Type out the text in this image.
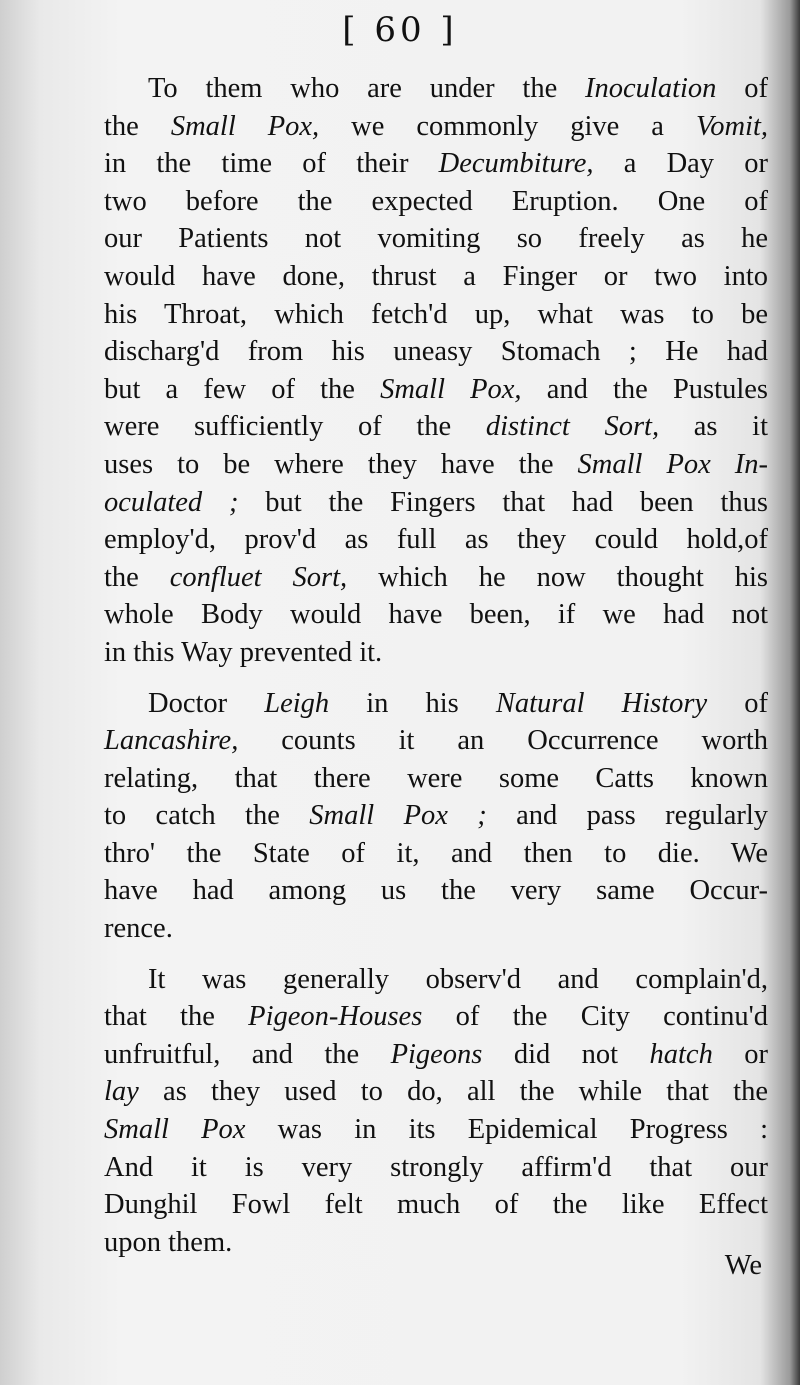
[ 60 ]
To them who are under the Inoculation of
the Small Pox, we commonly give a Vomit,
in the time of their Decumbiture, a Day or
two before the expected Eruption. One of
our Patients not vomiting so freely as he
would have done, thrust a Finger or two into
his Throat, which fetch'd up, what was to be
discharg'd from his uneasy Stomach ; He had
but a few of the Small Pox, and the Pustules
were sufficiently of the distinct Sort, as it
uses to be where they have the Small Pox In-
oculated ; but the Fingers that had been thus
employ'd, prov'd as full as they could hold,of
the confluet Sort, which he now thought his
whole Body would have been, if we had not
in this Way prevented it.
Doctor Leigh in his Natural History of
Lancashire, counts it an Occurrence worth
relating, that there were some Catts known
to catch the Small Pox ; and pass regularly
thro' the State of it, and then to die. We
have had among us the very same Occur-
rence.
It was generally observ'd and complain'd,
that the Pigeon-Houses of the City continu'd
unfruitful, and the Pigeons did not hatch or
lay as they used to do, all the while that the
Small Pox was in its Epidemical Progress :
And it is very strongly affirm'd that our
Dunghil Fowl felt much of the like Effect
upon them.
We
